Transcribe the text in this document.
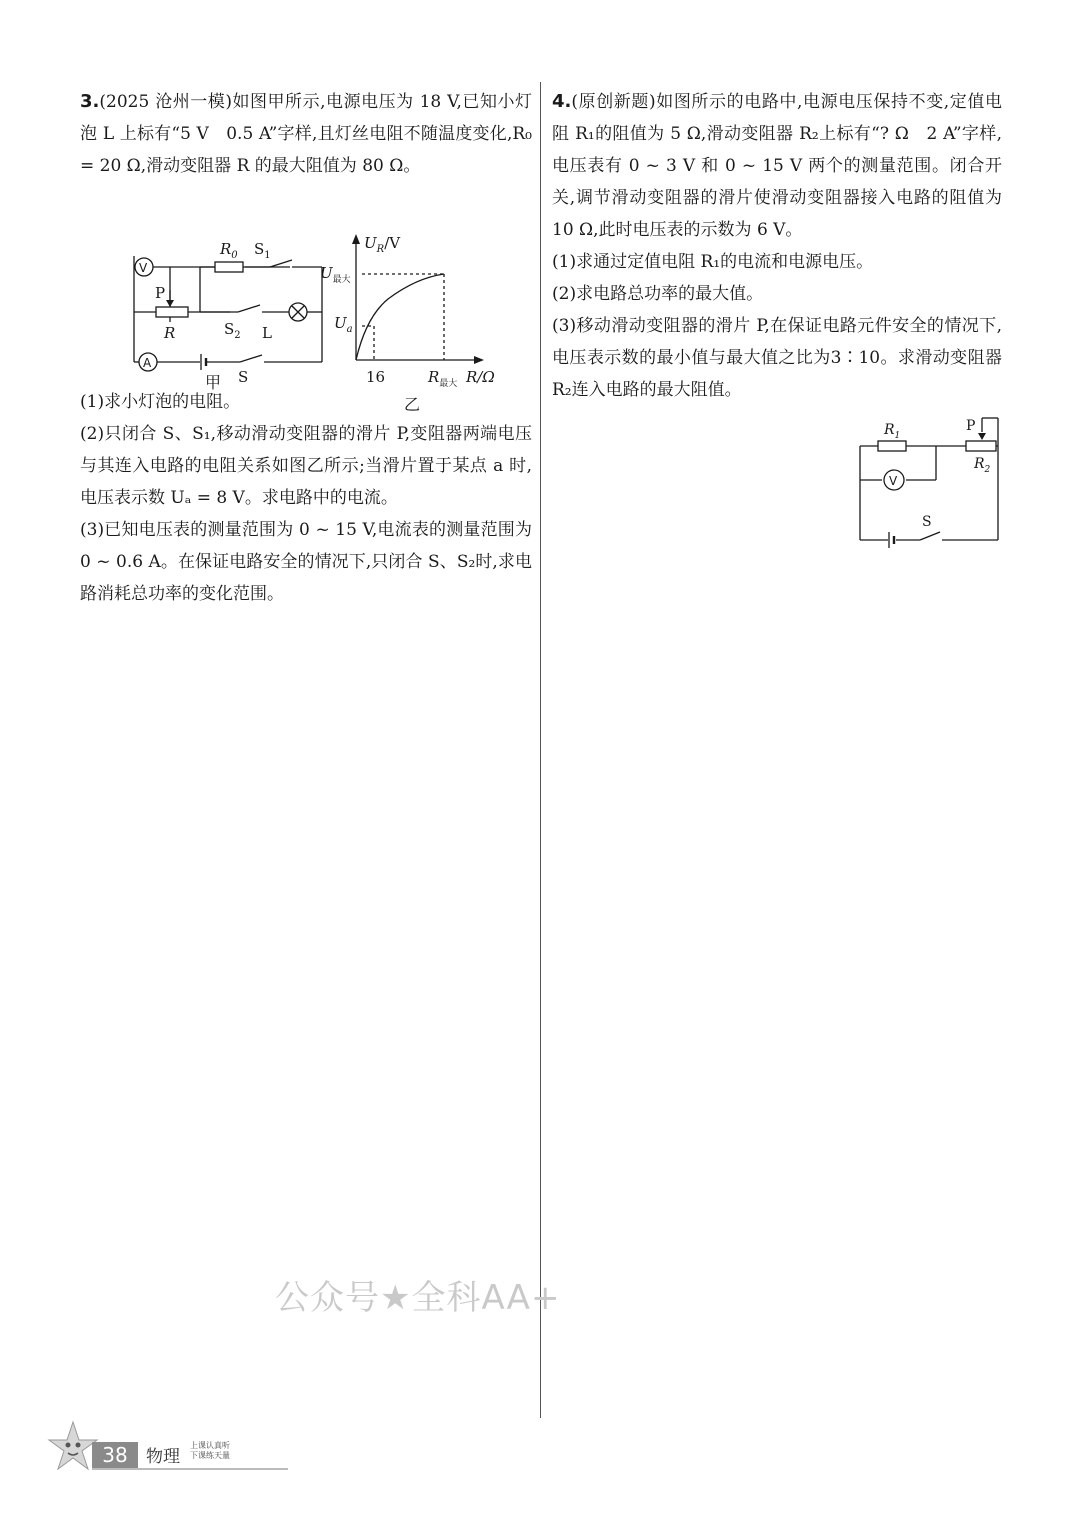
3.(2025 沧州一模)如图甲所示,电源电压为 18 V,已知小灯泡 L 上标有“5 V　0.5 A”字样,且灯丝电阻不随温度变化,R₀ = 20 Ω,滑动变阻器 R 的最大阻值为 80 Ω。

V
A
P
R
$R_0$ $S_1$
$S_2$ L
S
甲
$U_R/V$
$U_{最大}$
$U_a$
16	$R_{最大}$ R/Ω
乙

(1)求小灯泡的电阻。

(2)只闭合 S、S₁,移动滑动变阻器的滑片 P,变阻器两端电压与其连入电路的电阻关系如图乙所示;当滑片置于某点 a 时,电压表示数 Uₐ = 8 V。求电路中的电流。

(3)已知电压表的测量范围为 0 ~ 15 V,电流表的测量范围为 0 ~ 0.6 A。在保证电路安全的情况下,只闭合 S、S₂时,求电路消耗总功率的变化范围。

4.(原创新题)如图所示的电路中,电源电压保持不变,定值电阻 R₁的阻值为 5 Ω,滑动变阻器 R₂上标有“? Ω　2 A”字样,电压表有 0 ~ 3 V 和 0 ~ 15 V 两个的测量范围。闭合开关,调节滑动变阻器的滑片使滑动变阻器接入电路的阻值为 10 Ω,此时电压表的示数为 6 V。

(1)求通过定值电阻 R₁的电流和电源电压。

(2)求电路总功率的最大值。

(3)移动滑动变阻器的滑片 P,在保证电路元件安全的情况下,电压表示数的最小值与最大值之比为3∶10。求滑动变阻器 R₂连入电路的最大阻值。

$R_1$
P
$R_2$
V
S
公众号★全科AA+
38	物理
上课认真听
下课练天量
